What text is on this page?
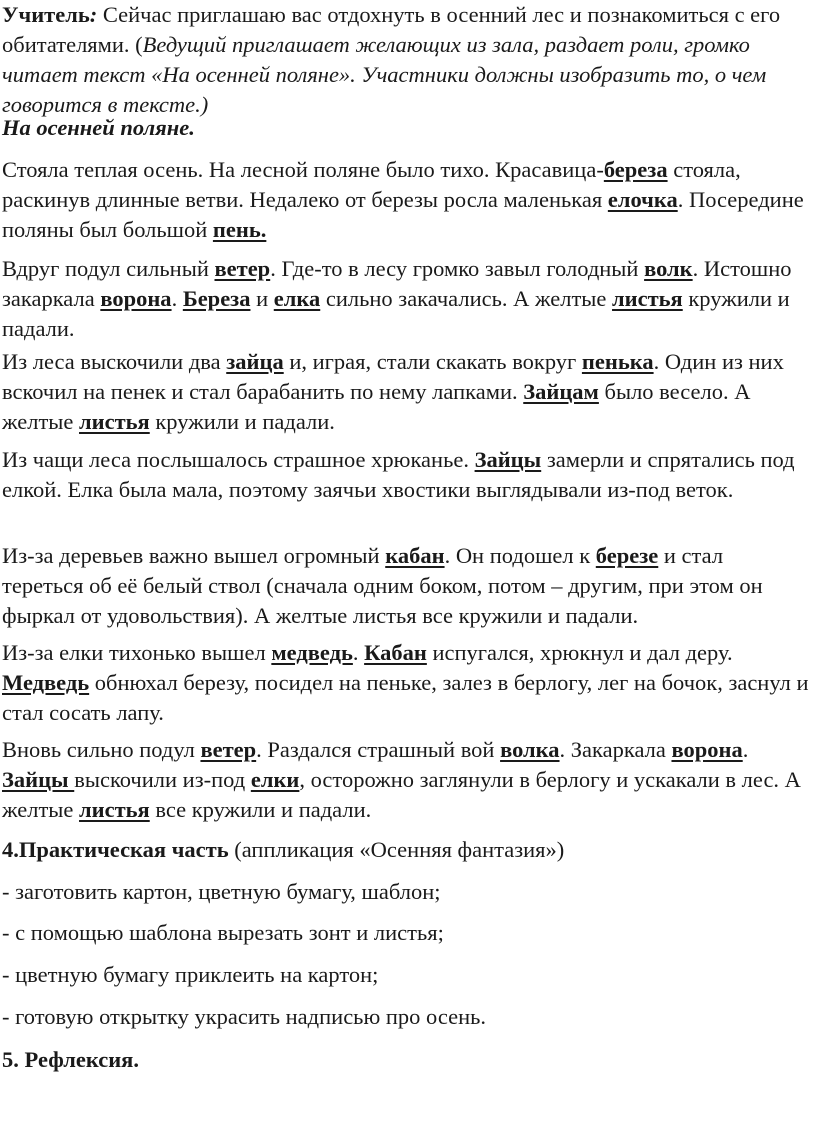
Учитель: Сейчас приглашаю вас отдохнуть в осенний лес и познакомиться с его обитателями. (Ведущий приглашает желающих из зала, раздает роли, громко читает текст «На осенней поляне». Участники должны изобразить то, о чем говорится в тексте.)

На осенней поляне.

Стояла теплая осень. На лесной поляне было тихо. Красавица-береза стояла, раскинув длинные ветви. Недалеко от березы росла маленькая елочка. Посередине поляны был большой пень.

Вдруг подул сильный ветер. Где-то в лесу громко завыл голодный волк. Истошно закаркала ворона. Береза и елка сильно закачались. А желтые листья кружили и падали.

Из леса выскочили два зайца и, играя, стали скакать вокруг пенька. Один из них вскочил на пенек и стал барабанить по нему лапками. Зайцам было весело. А желтые листья кружили и падали.

Из чащи леса послышалось страшное хрюканье. Зайцы замерли и спрятались под елкой. Елка была мала, поэтому заячьи хвостики выглядывали из-под веток.

Из-за деревьев важно вышел огромный кабан. Он подошел к березе и стал тереться об её белый ствол (сначала одним боком, потом – другим, при этом он фыркал от удовольствия). А желтые листья все кружили и падали.

Из-за елки тихонько вышел медведь. Кабан испугался, хрюкнул и дал деру. Медведь обнюхал березу, посидел на пеньке, залез в берлогу, лег на бочок, заснул и стал сосать лапу.

Вновь сильно подул ветер. Раздался страшный вой волка. Закаркала ворона. Зайцы выскочили из-под елки, осторожно заглянули в берлогу и ускакали в лес. А желтые листья все кружили и падали.

4.Практическая часть (аппликация «Осенняя фантазия»)

- заготовить картон, цветную бумагу, шаблон;

- с помощью шаблона вырезать зонт и листья;

- цветную бумагу приклеить на картон;

- готовую открытку украсить надписью про осень.

5. Рефлексия.
